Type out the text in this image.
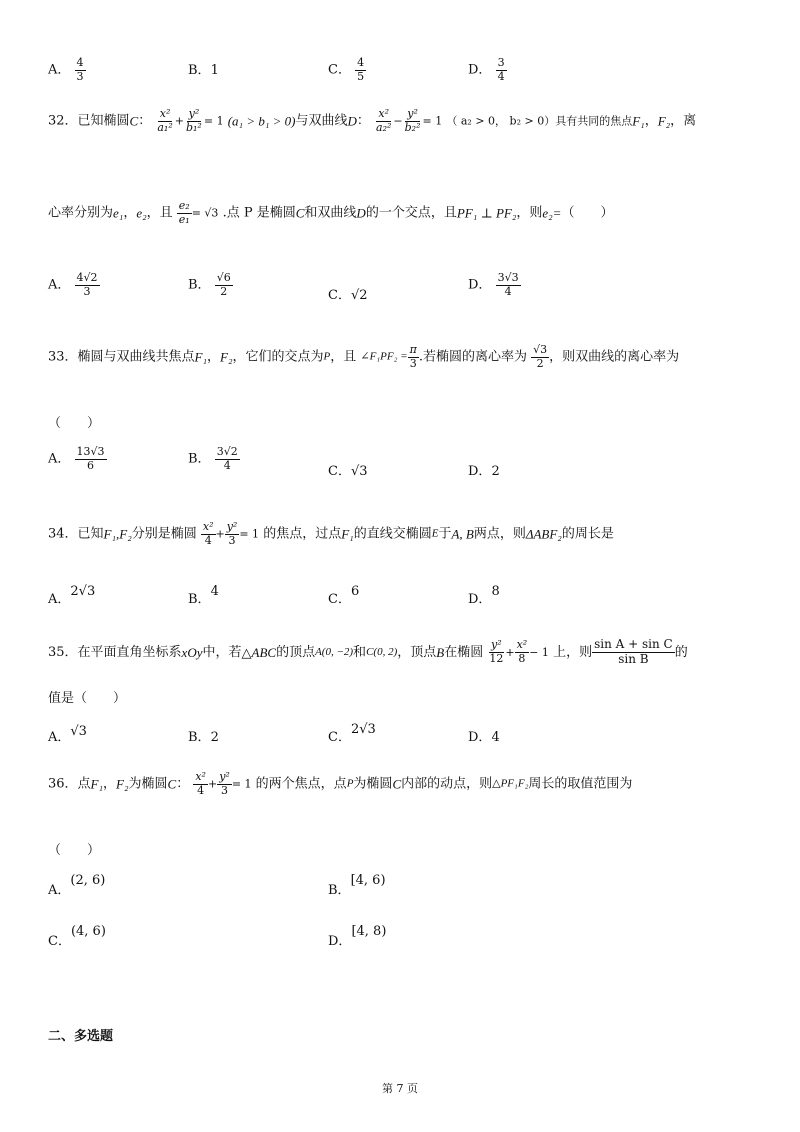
A． $\frac{4}{3}$	B．1	C． $\frac{4}{5}$	D． $\frac{3}{4}$
32．已知椭圆C： $\frac{\text{x²}}{\text{a₁²}} + \frac{\text{y²}}{\text{b₁²}} = 1$ (a₁ > b₁ > 0)与双曲线D： $\frac{\text{x²}}{\text{a₂²}} - \frac{\text{y²}}{\text{b₂²}} = 1$ （ a₂ > 0， b₂ > 0）具有共同的焦点F₁，F₂，离
心率分别为e₁，e₂，且 $\frac{\text{e₂}}{\text{e₁}} = √3$ .点 P 是椭圆C和双曲线D的一个交点，且PF₁ ⊥ PF₂，则e₂=（　　）
A． $\frac{4√2}{3}$	B． $\frac{√6}{2}$	C．√2
D． $\frac{3√3}{4}$
33．椭圆与双曲线共焦点F₁，F₂，它们的交点为P，且 ∠F₁PF₂ = $\frac{\pi}{3}$ .若椭圆的离心率为 $\frac{√3}{2}$ ，则双曲线的离心率为
（　　）
A． $\frac{13√3}{6}$	B． $\frac{3√2}{4}$	C．√3	D．2
34．已知F₁,F₂分别是椭圆 $\frac{\text{x²}}{4} + \frac{\text{y²}}{3} = 1$ 的焦点，过点F₁的直线交椭圆E于A, B两点，则ΔABF₂的周长是
A．2√3
B．4
C．6
D．8
35．在平面直角坐标系xOy中，若△ABC的顶点A(0, −2)和C(0, 2)，顶点B在椭圆 $\frac{\text{y²}}{12} + \frac{\text{x²}}{8} - 1$ 上，则 $\frac{\text{sin A + sin C}}{\text{sin B}}$ 的
值是（　　）
A．√3	B．2	C．2√3
D．4
36．点F₁，F₂为椭圆C： $\frac{\text{x²}}{4} + \frac{\text{y²}}{3} = 1$ 的两个焦点，点P为椭圆C内部的动点，则△PF₁F₂周长的取值范围为
（　　）
A．(2, 6)
B．[4, 6)
C．(4, 6)
D．[4, 8)
二、多选题
第 7 页
